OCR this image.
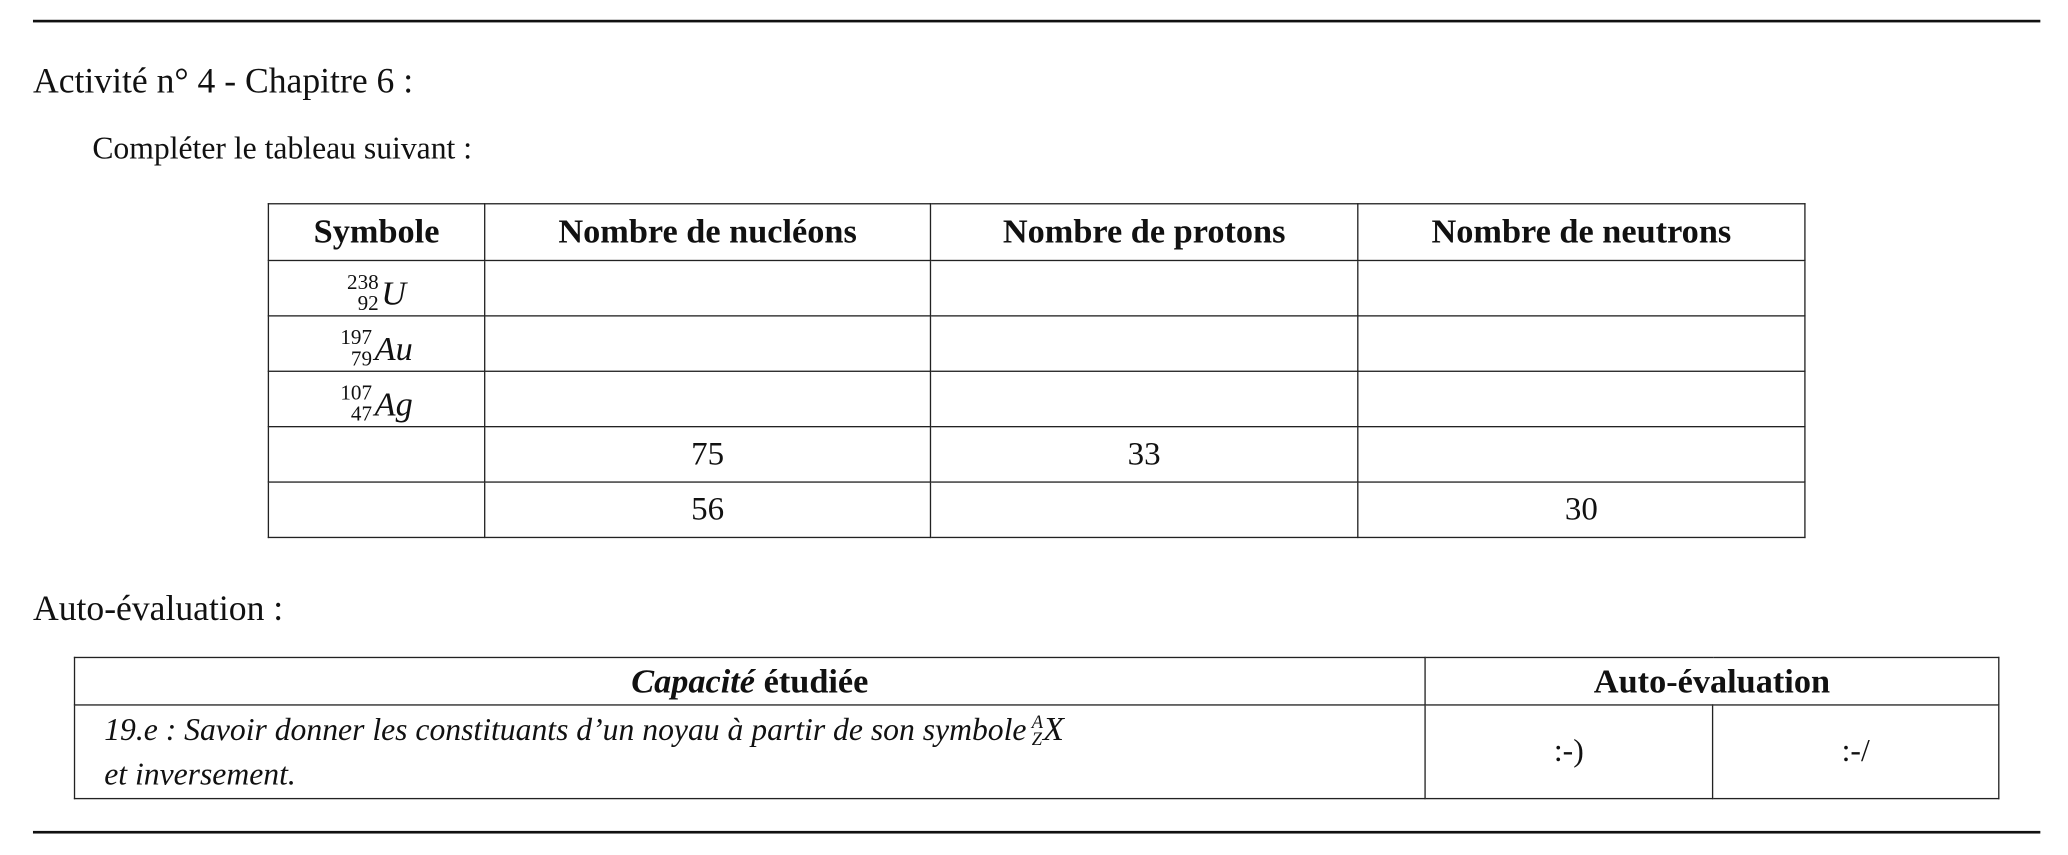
Activité n° 4 - Chapitre 6 :
Compléter le tableau suivant :
Symbole	Nombre de nucléons	Nombre de protons	Nombre de neutrons

238
92 U			

197
79 Au			

107
47 Ag			

	75	33	
	56		30
Auto-évaluation :
Capacité étudiée	Auto-évaluation	
19.e : Savoir donner les constituants d’un noyau à partir de son symbole A
Z X
et inversement.	:-)	:-/
